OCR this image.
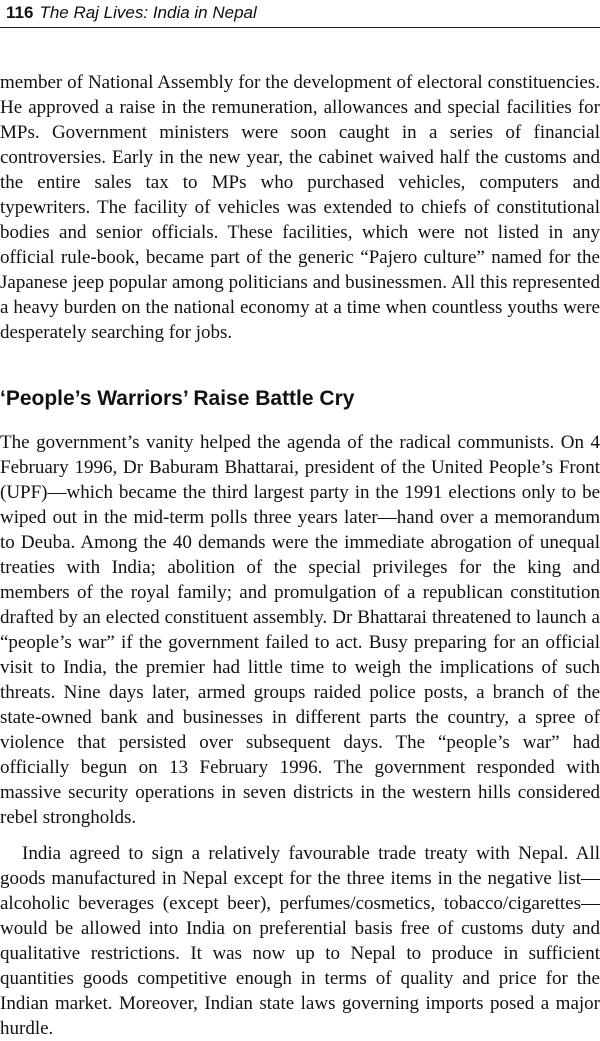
116 The Raj Lives: India in Nepal

member of National Assembly for the development of electoral constituencies. He approved a raise in the remuneration, allowances and special facilities for MPs. Government ministers were soon caught in a series of financial controversies. Early in the new year, the cabinet waived half the customs and the entire sales tax to MPs who purchased vehicles, computers and typewriters. The facility of vehicles was extended to chiefs of constitutional bodies and senior officials. These facilities, which were not listed in any official rule-book, became part of the generic “Pajero culture” named for the Japanese jeep popular among politicians and businessmen. All this represented a heavy burden on the national economy at a time when countless youths were desperately searching for jobs.

‘People’s Warriors’ Raise Battle Cry

The government’s vanity helped the agenda of the radical communists. On 4 February 1996, Dr Baburam Bhattarai, president of the United People’s Front (UPF)—which became the third largest party in the 1991 elections only to be wiped out in the mid-term polls three years later—hand over a memorandum to Deuba. Among the 40 demands were the immediate abrogation of unequal treaties with India; abolition of the special privileges for the king and members of the royal family; and promulgation of a republican constitution drafted by an elected constituent assembly. Dr Bhattarai threatened to launch a “people’s war” if the government failed to act. Busy preparing for an official visit to India, the premier had little time to weigh the implications of such threats. Nine days later, armed groups raided police posts, a branch of the state-owned bank and businesses in different parts the country, a spree of violence that persisted over subsequent days. The “people’s war” had officially begun on 13 February 1996. The government responded with massive security operations in seven districts in the western hills considered rebel strongholds.

India agreed to sign a relatively favourable trade treaty with Nepal. All goods manufactured in Nepal except for the three items in the negative list—alcoholic beverages (except beer), perfumes/cosmetics, tobacco/cigarettes—would be allowed into India on preferential basis free of customs duty and qualitative restrictions. It was now up to Nepal to produce in sufficient quantities goods competitive enough in terms of quality and price for the Indian market. Moreover, Indian state laws governing imports posed a major hurdle.
